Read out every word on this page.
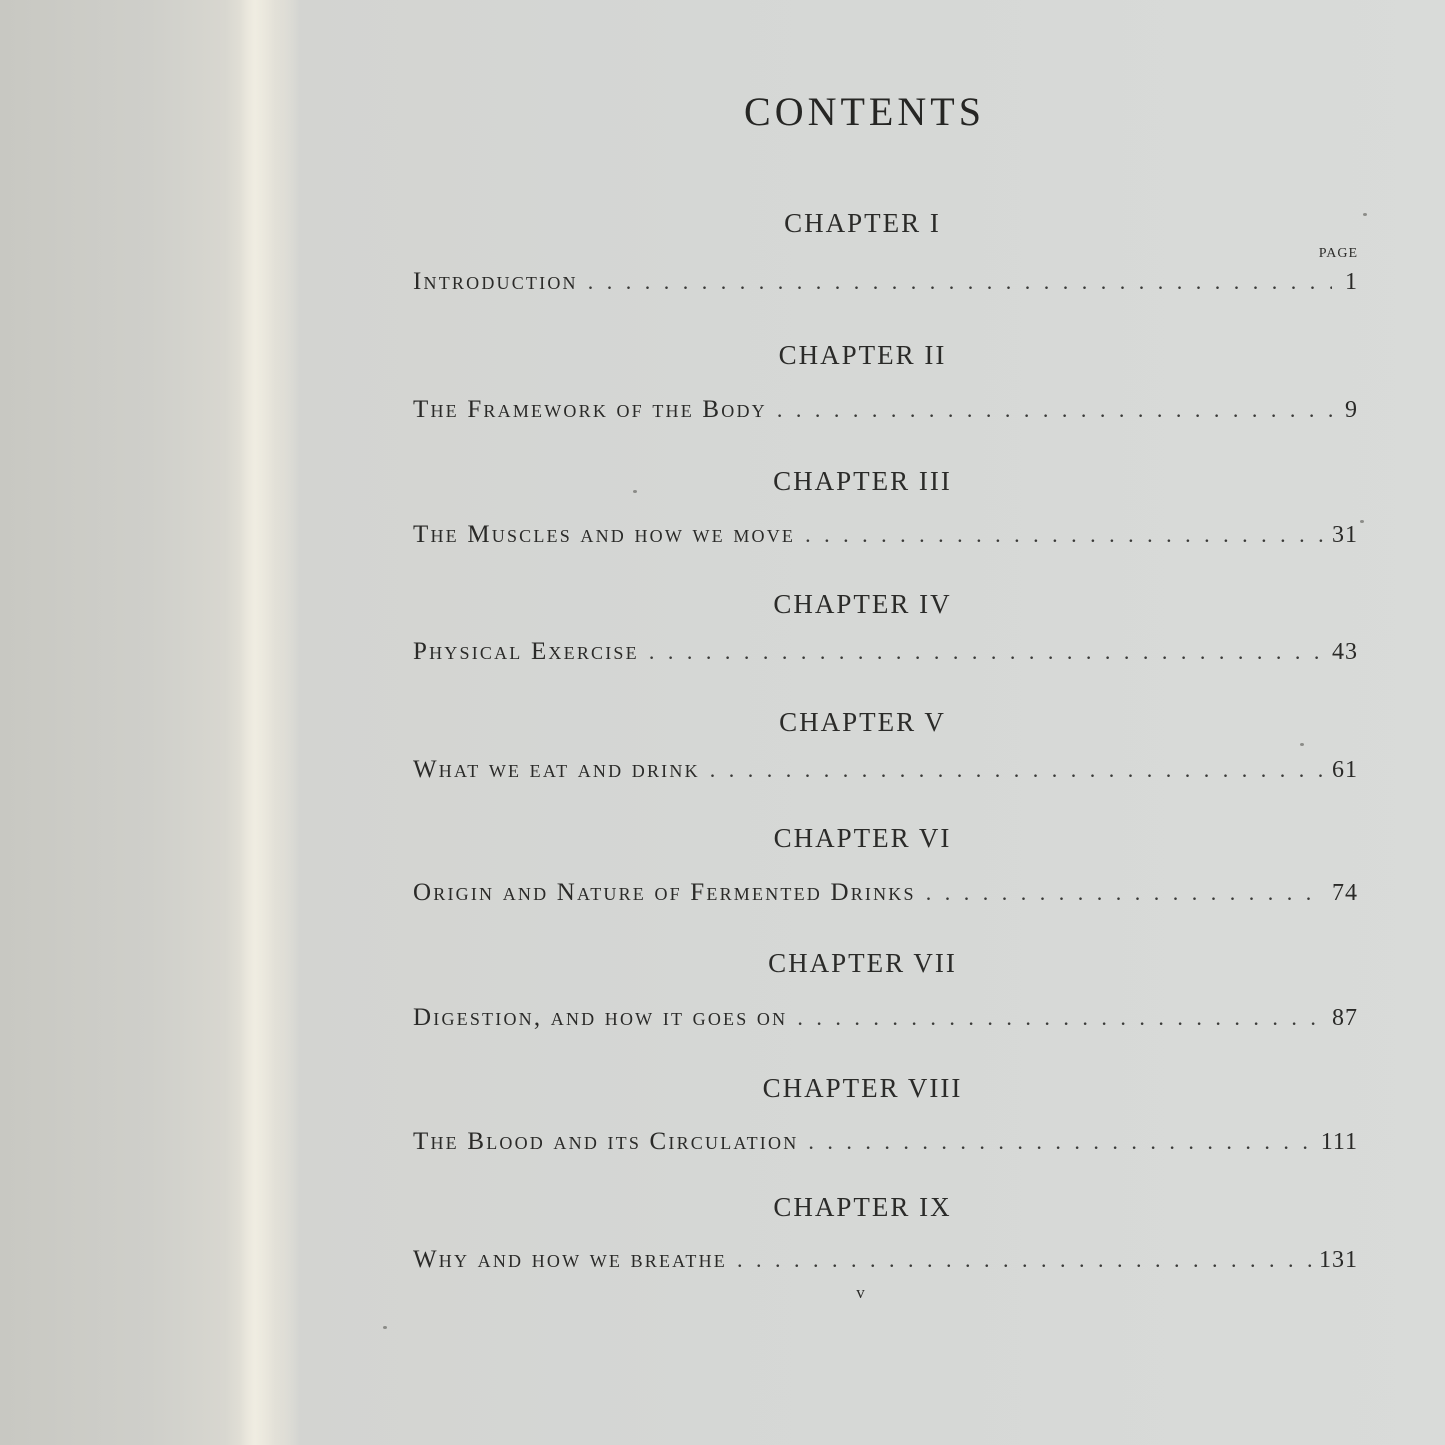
CONTENTS
CHAPTER I
PAGE
Introduction . . .	1
CHAPTER II
The Framework of the Body . . .	9
CHAPTER III
The Muscles and how we move . . .	31
CHAPTER IV
Physical Exercise . . .	43
CHAPTER V
What we eat and drink . . .	61
CHAPTER VI
Origin and Nature of Fermented Drinks . . .	74
CHAPTER VII
Digestion, and how it goes on . . .	87
CHAPTER VIII
The Blood and its Circulation . . .	111
CHAPTER IX
Why and how we breathe . . .	131
v
